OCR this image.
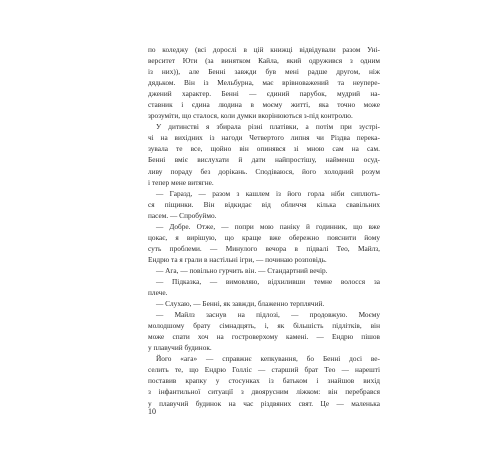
по коледжу (всі дорослі в цій книжці відвідували разом Уні-
верситет Юти (за винятком Кайла, який одружився з одним
із них)), але Бенні завжди був мені радше другом, ніж
дядьком. Він із Мельбурна, має врівноважений та неупере-
джений характер. Бенні — єдиний парубок, мудрий на-
ставник і єдина людина в моєму житті, яка точно може
зрозуміти, що сталося, коли думки вкорінюються з-під контролю.
У дитинстві я збирала різні платівки, а потім при зустрі-
чі на вихідних із нагоди Четвертого липня чи Різдва перека-
зувала те все, щойно він опинявся зі мною сам на сам.
Бенні вміє вислухати й дати найпростішу, найменш осуд-
ливу пораду без дорікань. Сподіваюся, його холодний розум
і тепер мене витягне.
— Гаразд, — разом з кашлем із його горла ніби сиплють-
ся піщинки. Він відкидає від обличчя кілька свавільних
пасем. — Спробуймо.
— Добре. Отже, — попри мою паніку й годинник, що вже
цокає, я вирішую, що краще вже обережно пояснити йому
суть проблеми. — Минулого вечора в підвалі Тео, Майлз,
Ендрю та я грали в настільні ігри, — починаю розповідь.
— Ага, — повільно гурчить він. — Стандартний вечір.
— Підказка, — вимовляю, відхиливши темне волосся за
плече.
— Слухаю, — Бенні, як завжди, блаженно терплячий.
— Майлз заснув на підлозі, — продовжую. Моєму
молодшому брату сімнадцять, і, як більшість підлітків, він
може спати хоч на гостроверхому камені. — Ендрю пішов
у плавучий будинок.
Його «ага» — справжнє кепкування, бо Бенні досі ве-
селить те, що Ендрю Голліс — старший брат Тео — нарешті
поставив крапку у стосунках із батьком і знайшов вихід
з інфантильної ситуації з двоярусним ліжком: він перебрався
у плавучий будинок на час різдвяних свят. Це — маленька
10
